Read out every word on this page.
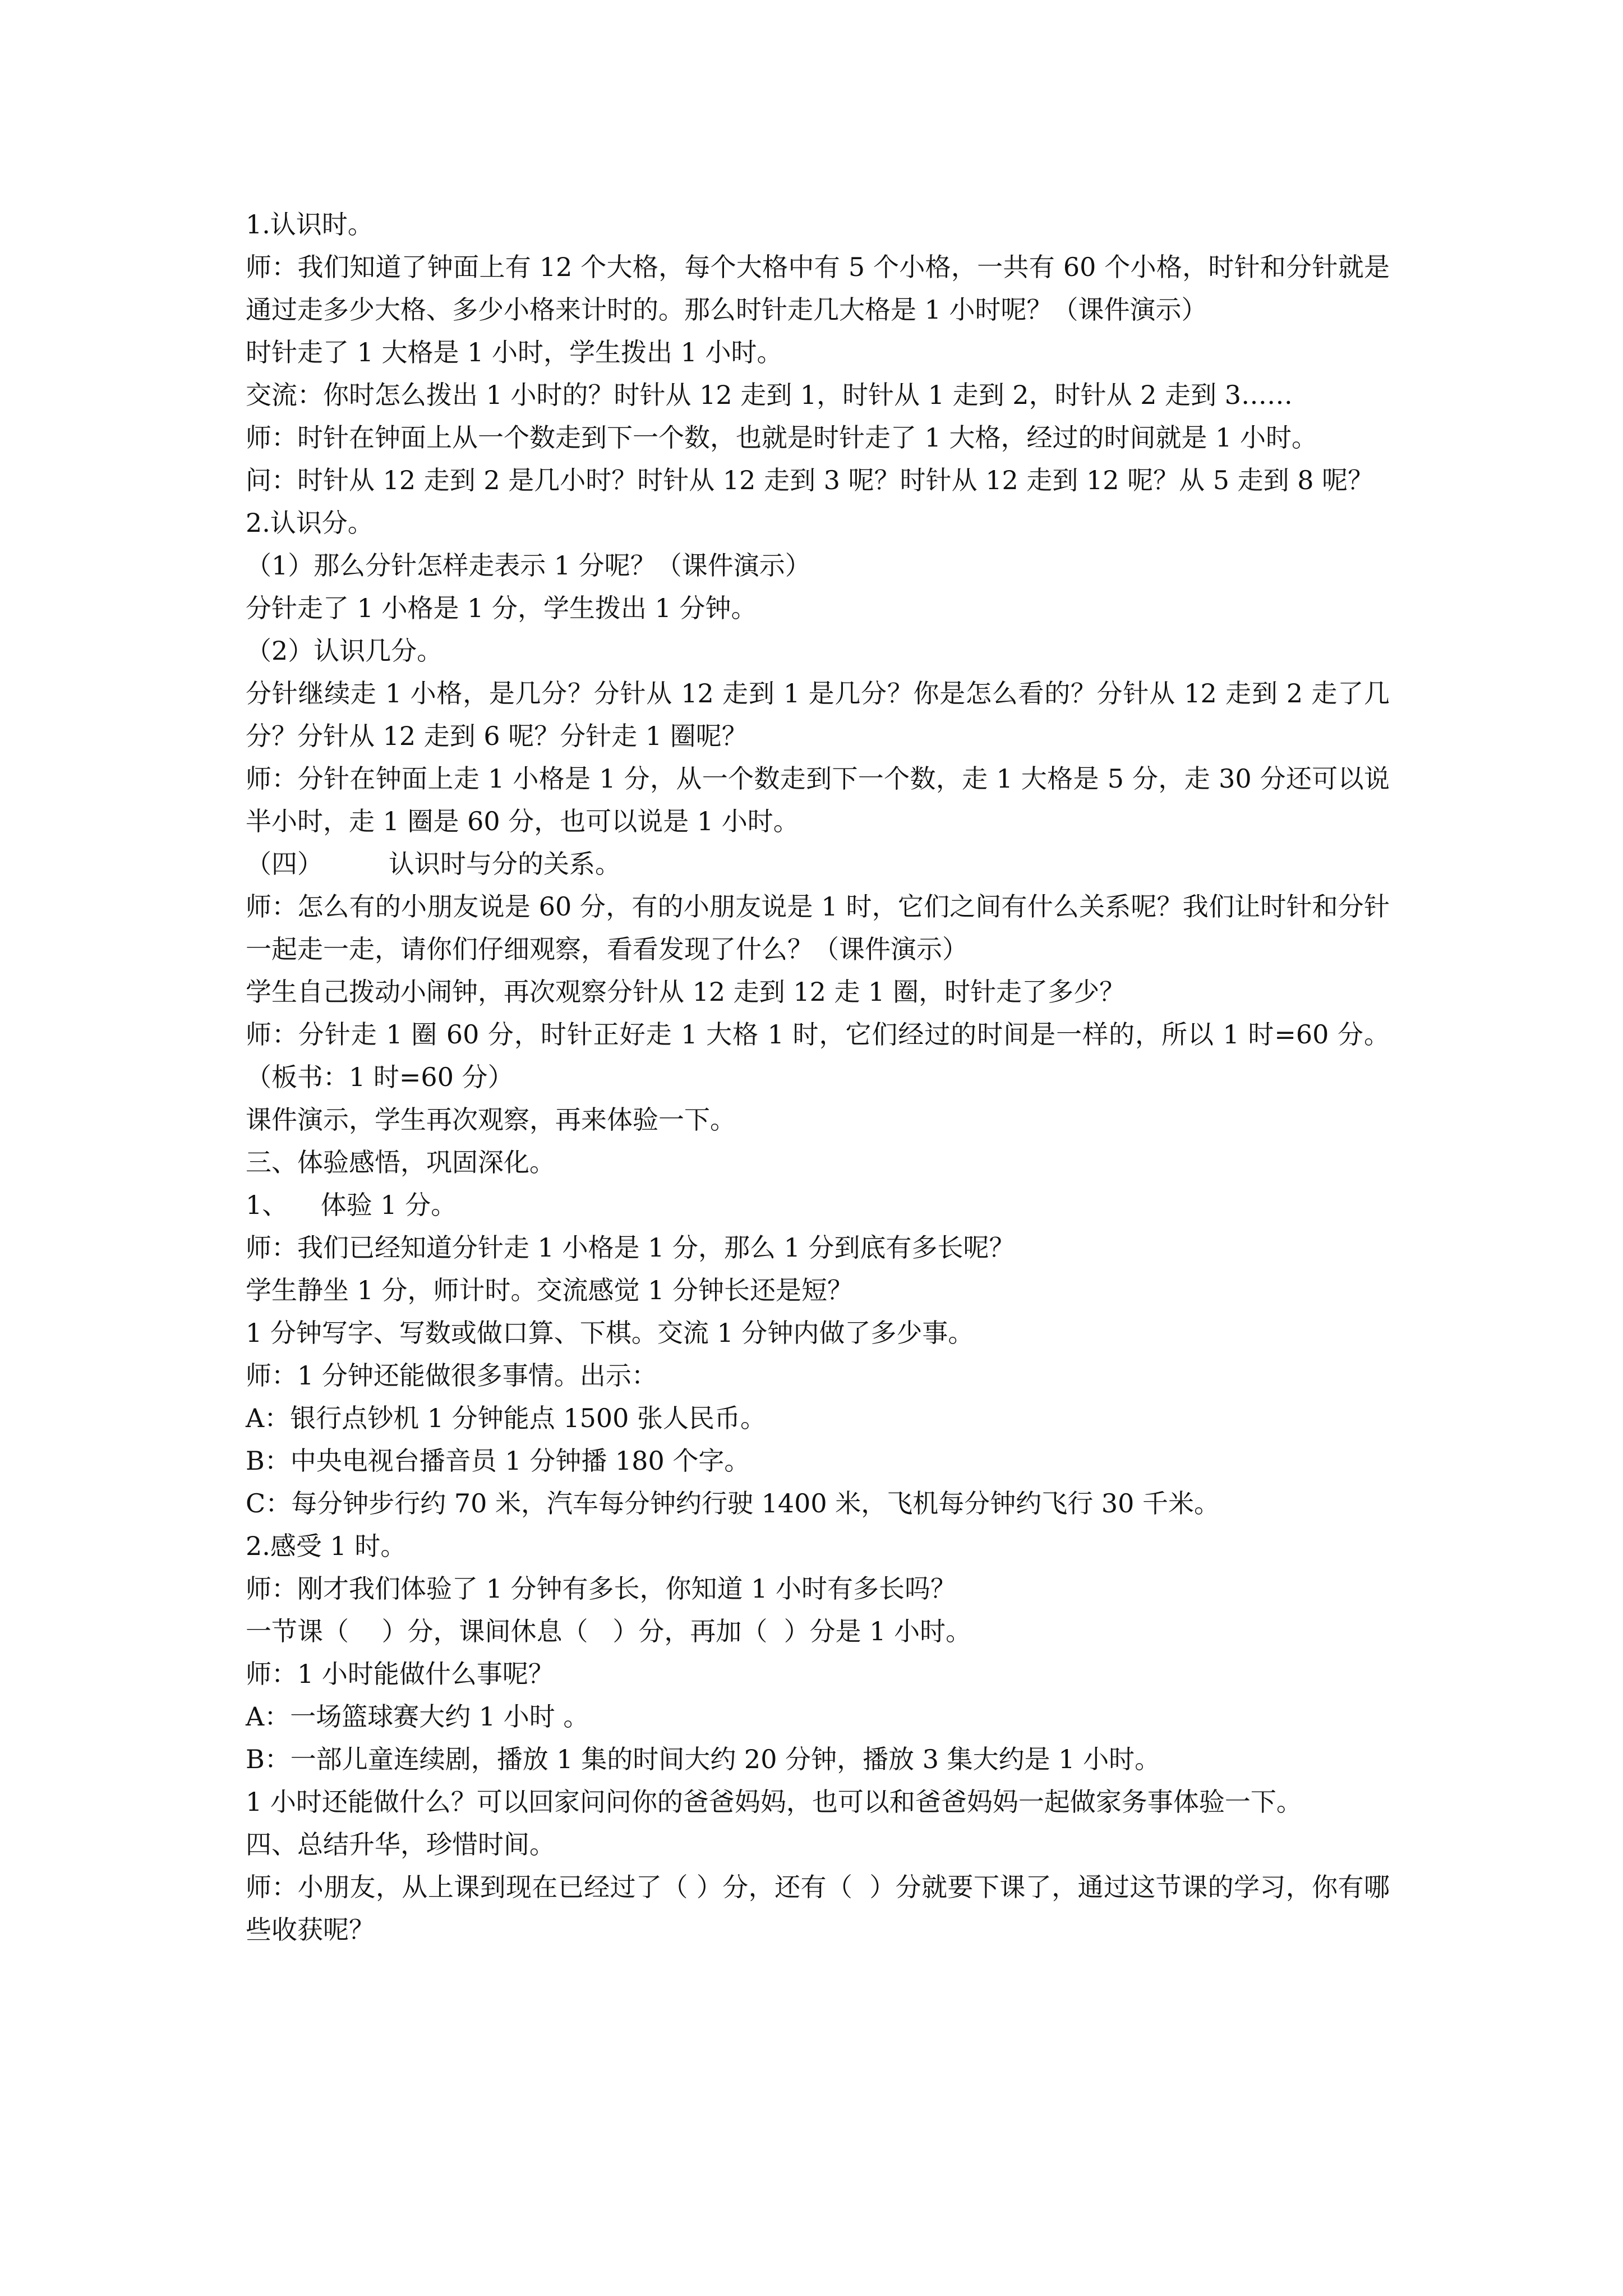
1.认识时。

师：我们知道了钟面上有 12 个大格，每个大格中有 5 个小格，一共有 60 个小格，时针和分针就是通过走多少大格、多少小格来计时的。那么时针走几大格是 1 小时呢？（课件演示）

时针走了 1 大格是 1 小时，学生拨出 1 小时。

交流：你时怎么拨出 1 小时的？时针从 12 走到 1，时针从 1 走到 2，时针从 2 走到 3……

师：时针在钟面上从一个数走到下一个数，也就是时针走了 1 大格，经过的时间就是 1 小时。

问：时针从 12 走到 2 是几小时？时针从 12 走到 3 呢？时针从 12 走到 12 呢？从 5 走到 8 呢？

2.认识分。

（1）那么分针怎样走表示 1 分呢？（课件演示）

分针走了 1 小格是 1 分，学生拨出 1 分钟。

（2）认识几分。

分针继续走 1 小格，是几分？分针从 12 走到 1 是几分？你是怎么看的？分针从 12 走到 2 走了几分？分针从 12 走到 6 呢？分针走 1 圈呢？

师：分针在钟面上走 1 小格是 1 分，从一个数走到下一个数，走 1 大格是 5 分，走 30 分还可以说半小时，走 1 圈是 60 分，也可以说是 1 小时。

（四）        认识时与分的关系。

师：怎么有的小朋友说是 60 分，有的小朋友说是 1 时，它们之间有什么关系呢？我们让时针和分针一起走一走，请你们仔细观察，看看发现了什么？（课件演示）

学生自己拨动小闹钟，再次观察分针从 12 走到 12 走 1 圈，时针走了多少？

师：分针走 1 圈 60 分，时针正好走 1 大格 1 时，它们经过的时间是一样的，所以 1 时=60 分。（板书：1 时=60 分）

课件演示，学生再次观察，再来体验一下。

三、体验感悟，巩固深化。

1、    体验 1 分。

师：我们已经知道分针走 1 小格是 1 分，那么 1 分到底有多长呢？

学生静坐 1 分，师计时。交流感觉 1 分钟长还是短？

1 分钟写字、写数或做口算、下棋。交流 1 分钟内做了多少事。

师：1 分钟还能做很多事情。出示：

A：银行点钞机 1 分钟能点 1500 张人民币。

B：中央电视台播音员 1 分钟播 180 个字。

C：每分钟步行约 70 米，汽车每分钟约行驶 1400 米，飞机每分钟约飞行 30 千米。

2.感受 1 时。

师：刚才我们体验了 1 分钟有多长，你知道 1 小时有多长吗？

一节课（    ）分，课间休息（   ）分，再加（  ）分是 1 小时。

师：1 小时能做什么事呢？

A：一场篮球赛大约 1 小时 。

B：一部儿童连续剧，播放 1 集的时间大约 20 分钟，播放 3 集大约是 1 小时。

1 小时还能做什么？可以回家问问你的爸爸妈妈，也可以和爸爸妈妈一起做家务事体验一下。

四、总结升华，珍惜时间。

师：小朋友，从上课到现在已经过了（ ）分，还有（  ）分就要下课了，通过这节课的学习，你有哪些收获呢？
